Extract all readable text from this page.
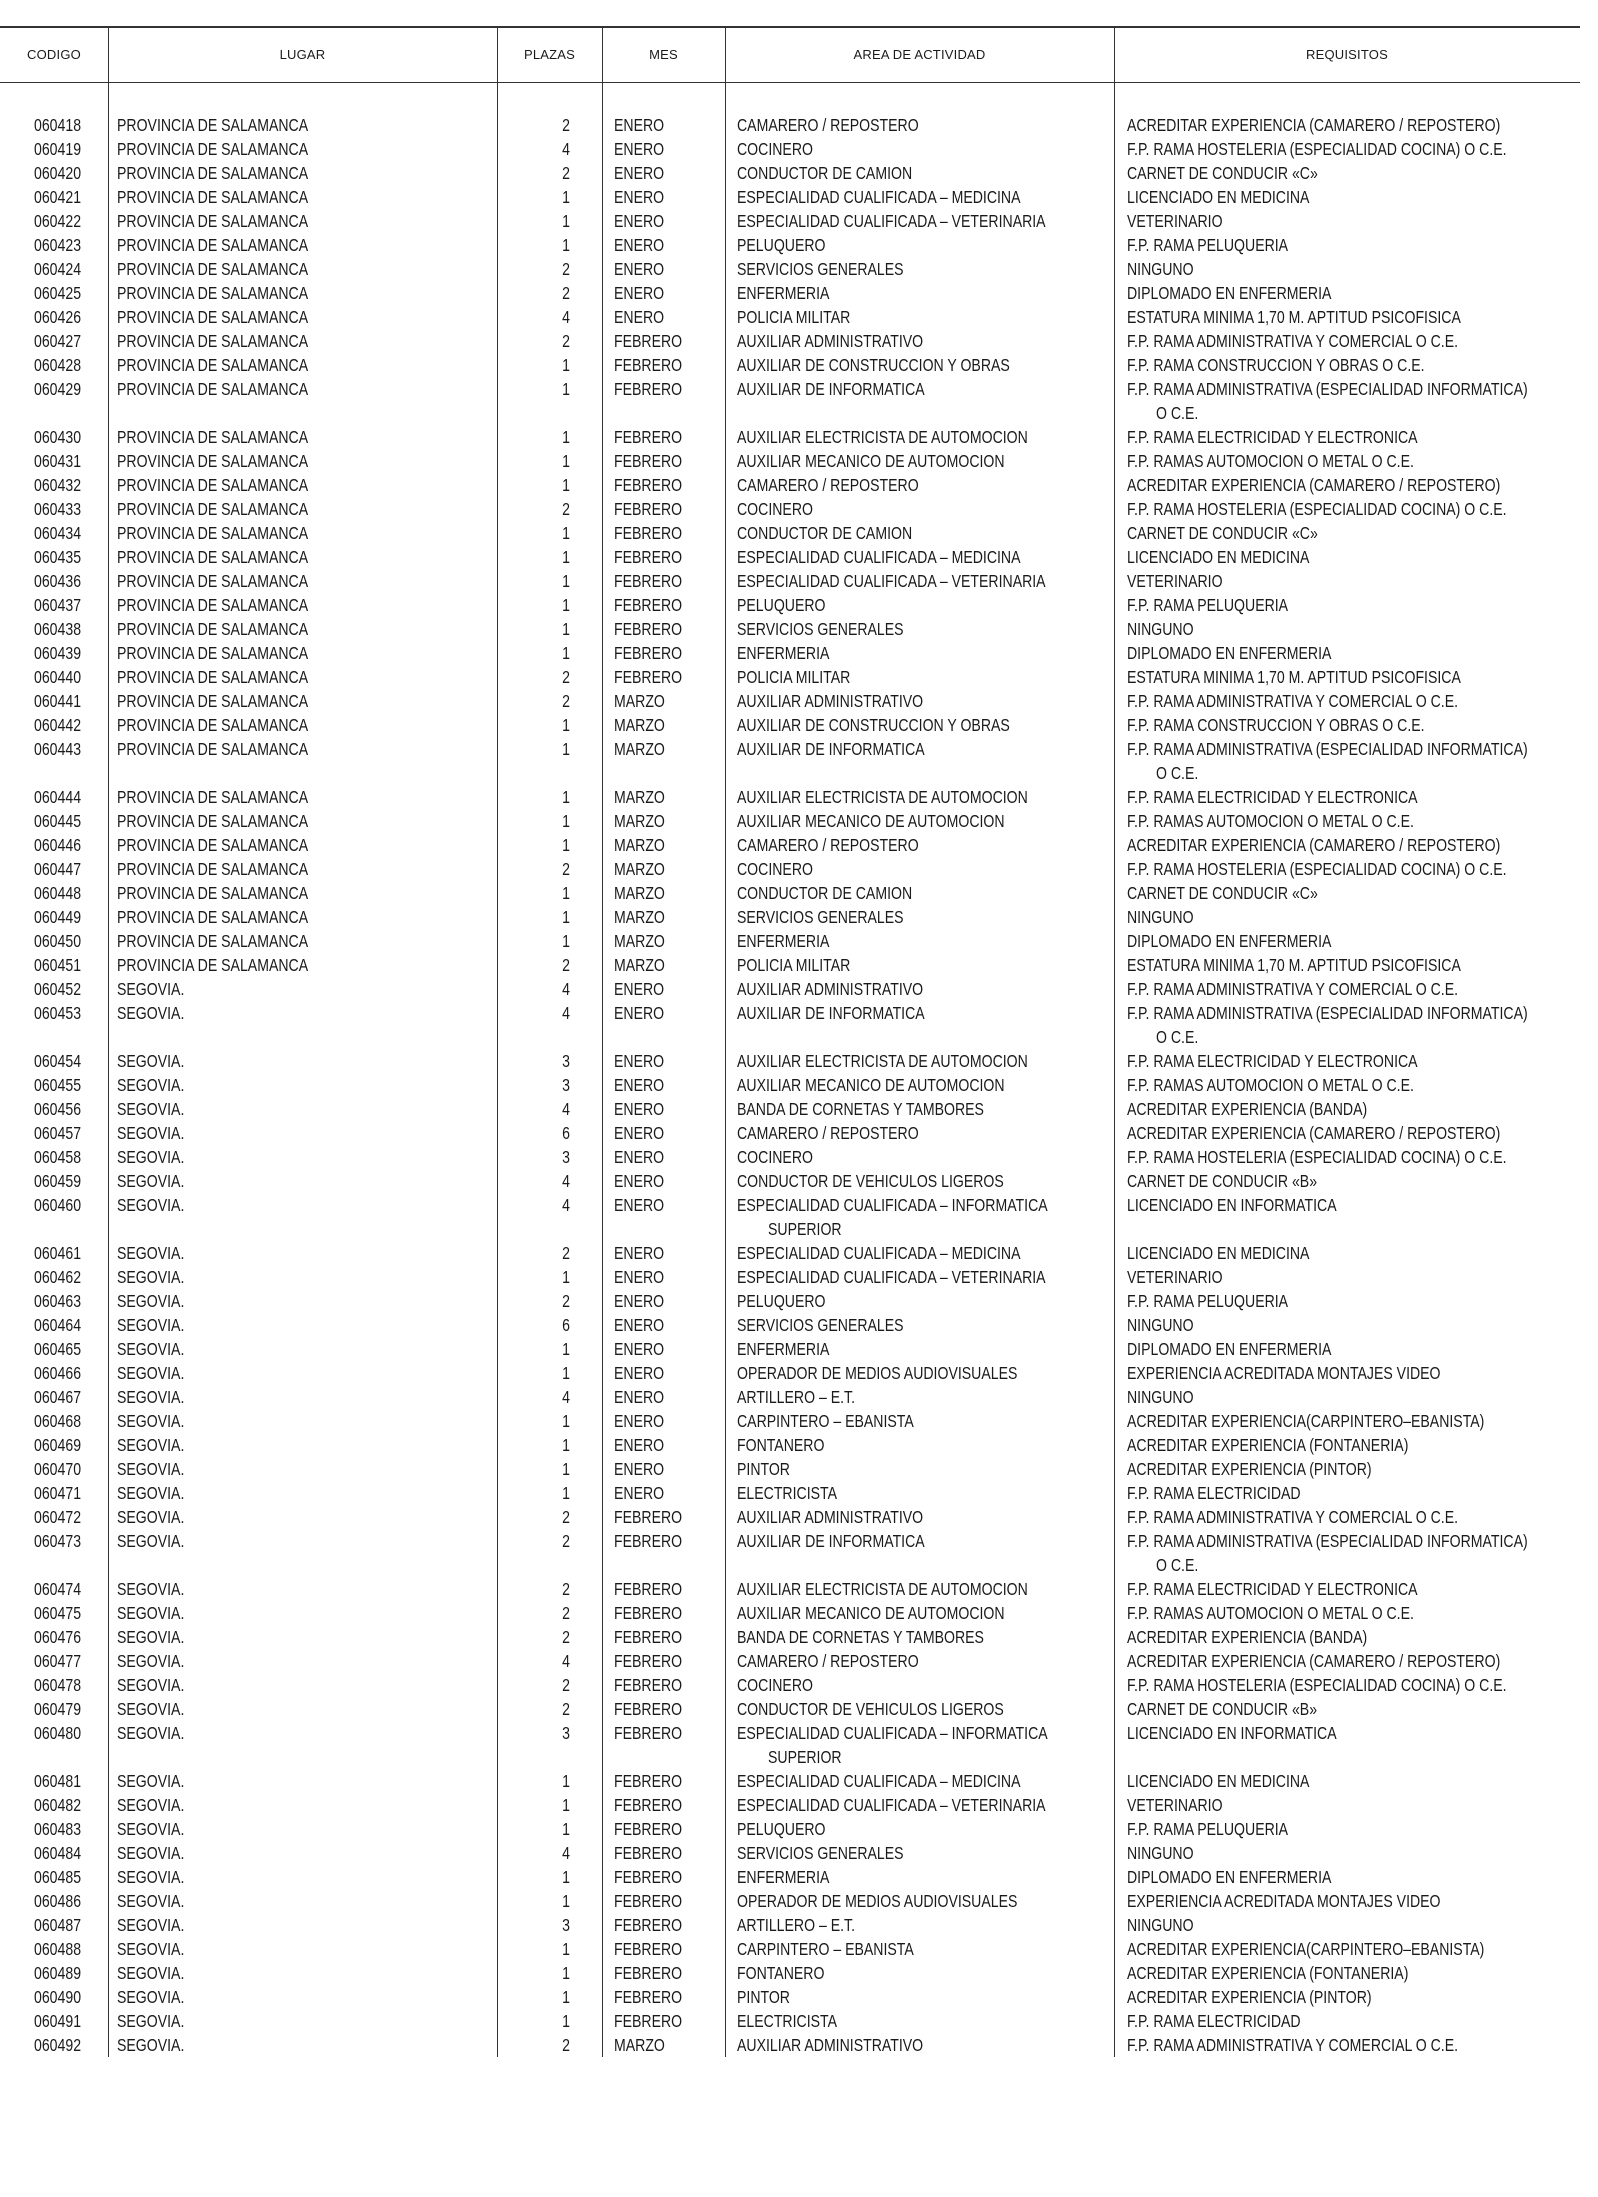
CODIGO	LUGAR	PLAZAS	MES	AREA DE ACTIVIDAD	REQUISITOS
060418 PROVINCIA DE SALAMANCA	2	ENERO	CAMARERO / REPOSTERO	ACREDITAR EXPERIENCIA (CAMARERO / REPOSTERO)
060419 PROVINCIA DE SALAMANCA	4	ENERO	COCINERO	F.P. RAMA HOSTELERIA (ESPECIALIDAD COCINA) O C.E.
060420 PROVINCIA DE SALAMANCA	2	ENERO	CONDUCTOR DE CAMION	CARNET DE CONDUCIR «C»
060421 PROVINCIA DE SALAMANCA	1	ENERO	ESPECIALIDAD CUALIFICADA – MEDICINA	LICENCIADO EN MEDICINA
060422 PROVINCIA DE SALAMANCA	1	ENERO	ESPECIALIDAD CUALIFICADA – VETERINARIA	VETERINARIO
060423 PROVINCIA DE SALAMANCA	1	ENERO	PELUQUERO	F.P. RAMA PELUQUERIA
060424 PROVINCIA DE SALAMANCA	2	ENERO	SERVICIOS GENERALES	NINGUNO
060425 PROVINCIA DE SALAMANCA	2	ENERO	ENFERMERIA	DIPLOMADO EN ENFERMERIA
060426 PROVINCIA DE SALAMANCA	4	ENERO	POLICIA MILITAR	ESTATURA MINIMA 1,70 M. APTITUD PSICOFISICA
060427 PROVINCIA DE SALAMANCA	2	FEBRERO	AUXILIAR ADMINISTRATIVO	F.P. RAMA ADMINISTRATIVA Y COMERCIAL O C.E.
060428 PROVINCIA DE SALAMANCA	1	FEBRERO	AUXILIAR DE CONSTRUCCION Y OBRAS	F.P. RAMA CONSTRUCCION Y OBRAS O C.E.
060429 PROVINCIA DE SALAMANCA	1	FEBRERO	AUXILIAR DE INFORMATICA	F.P. RAMA ADMINISTRATIVA (ESPECIALIDAD INFORMATICA)
O C.E.
060430 PROVINCIA DE SALAMANCA	1	FEBRERO	AUXILIAR ELECTRICISTA DE AUTOMOCION	F.P. RAMA ELECTRICIDAD Y ELECTRONICA
060431 PROVINCIA DE SALAMANCA	1	FEBRERO	AUXILIAR MECANICO DE AUTOMOCION	F.P. RAMAS AUTOMOCION O METAL O C.E.
060432 PROVINCIA DE SALAMANCA	1	FEBRERO	CAMARERO / REPOSTERO	ACREDITAR EXPERIENCIA (CAMARERO / REPOSTERO)
060433 PROVINCIA DE SALAMANCA	2	FEBRERO	COCINERO	F.P. RAMA HOSTELERIA (ESPECIALIDAD COCINA) O C.E.
060434 PROVINCIA DE SALAMANCA	1	FEBRERO	CONDUCTOR DE CAMION	CARNET DE CONDUCIR «C»
060435 PROVINCIA DE SALAMANCA	1	FEBRERO	ESPECIALIDAD CUALIFICADA – MEDICINA	LICENCIADO EN MEDICINA
060436 PROVINCIA DE SALAMANCA	1	FEBRERO	ESPECIALIDAD CUALIFICADA – VETERINARIA	VETERINARIO
060437 PROVINCIA DE SALAMANCA	1	FEBRERO	PELUQUERO	F.P. RAMA PELUQUERIA
060438 PROVINCIA DE SALAMANCA	1	FEBRERO	SERVICIOS GENERALES	NINGUNO
060439 PROVINCIA DE SALAMANCA	1	FEBRERO	ENFERMERIA	DIPLOMADO EN ENFERMERIA
060440 PROVINCIA DE SALAMANCA	2	FEBRERO	POLICIA MILITAR	ESTATURA MINIMA 1,70 M. APTITUD PSICOFISICA
060441 PROVINCIA DE SALAMANCA	2	MARZO	AUXILIAR ADMINISTRATIVO	F.P. RAMA ADMINISTRATIVA Y COMERCIAL O C.E.
060442 PROVINCIA DE SALAMANCA	1	MARZO	AUXILIAR DE CONSTRUCCION Y OBRAS	F.P. RAMA CONSTRUCCION Y OBRAS O C.E.
060443 PROVINCIA DE SALAMANCA	1	MARZO	AUXILIAR DE INFORMATICA	F.P. RAMA ADMINISTRATIVA (ESPECIALIDAD INFORMATICA)
O C.E.
060444 PROVINCIA DE SALAMANCA	1	MARZO	AUXILIAR ELECTRICISTA DE AUTOMOCION	F.P. RAMA ELECTRICIDAD Y ELECTRONICA
060445 PROVINCIA DE SALAMANCA	1	MARZO	AUXILIAR MECANICO DE AUTOMOCION	F.P. RAMAS AUTOMOCION O METAL O C.E.
060446 PROVINCIA DE SALAMANCA	1	MARZO	CAMARERO / REPOSTERO	ACREDITAR EXPERIENCIA (CAMARERO / REPOSTERO)
060447 PROVINCIA DE SALAMANCA	2	MARZO	COCINERO	F.P. RAMA HOSTELERIA (ESPECIALIDAD COCINA) O C.E.
060448 PROVINCIA DE SALAMANCA	1	MARZO	CONDUCTOR DE CAMION	CARNET DE CONDUCIR «C»
060449 PROVINCIA DE SALAMANCA	1	MARZO	SERVICIOS GENERALES	NINGUNO
060450 PROVINCIA DE SALAMANCA	1	MARZO	ENFERMERIA	DIPLOMADO EN ENFERMERIA
060451 PROVINCIA DE SALAMANCA	2	MARZO	POLICIA MILITAR	ESTATURA MINIMA 1,70 M. APTITUD PSICOFISICA
060452 SEGOVIA.	4	ENERO	AUXILIAR ADMINISTRATIVO	F.P. RAMA ADMINISTRATIVA Y COMERCIAL O C.E.
060453 SEGOVIA.	4	ENERO	AUXILIAR DE INFORMATICA	F.P. RAMA ADMINISTRATIVA (ESPECIALIDAD INFORMATICA)
O C.E.
060454 SEGOVIA.	3	ENERO	AUXILIAR ELECTRICISTA DE AUTOMOCION	F.P. RAMA ELECTRICIDAD Y ELECTRONICA
060455 SEGOVIA.	3	ENERO	AUXILIAR MECANICO DE AUTOMOCION	F.P. RAMAS AUTOMOCION O METAL O C.E.
060456 SEGOVIA.	4	ENERO	BANDA DE CORNETAS Y TAMBORES	ACREDITAR EXPERIENCIA (BANDA)
060457 SEGOVIA.	6	ENERO	CAMARERO / REPOSTERO	ACREDITAR EXPERIENCIA (CAMARERO / REPOSTERO)
060458 SEGOVIA.	3	ENERO	COCINERO	F.P. RAMA HOSTELERIA (ESPECIALIDAD COCINA) O C.E.
060459 SEGOVIA.	4	ENERO	CONDUCTOR DE VEHICULOS LIGEROS	CARNET DE CONDUCIR «B»
060460 SEGOVIA.	4	ENERO	ESPECIALIDAD CUALIFICADA – INFORMATICA	LICENCIADO EN INFORMATICA
SUPERIOR
060461 SEGOVIA.	2	ENERO	ESPECIALIDAD CUALIFICADA – MEDICINA	LICENCIADO EN MEDICINA
060462 SEGOVIA.	1	ENERO	ESPECIALIDAD CUALIFICADA – VETERINARIA	VETERINARIO
060463 SEGOVIA.	2	ENERO	PELUQUERO	F.P. RAMA PELUQUERIA
060464 SEGOVIA.	6	ENERO	SERVICIOS GENERALES	NINGUNO
060465 SEGOVIA.	1	ENERO	ENFERMERIA	DIPLOMADO EN ENFERMERIA
060466 SEGOVIA.	1	ENERO	OPERADOR DE MEDIOS AUDIOVISUALES	EXPERIENCIA ACREDITADA MONTAJES VIDEO
060467 SEGOVIA.	4	ENERO	ARTILLERO – E.T.	NINGUNO
060468 SEGOVIA.	1	ENERO	CARPINTERO – EBANISTA	ACREDITAR EXPERIENCIA(CARPINTERO–EBANISTA)
060469 SEGOVIA.	1	ENERO	FONTANERO	ACREDITAR EXPERIENCIA (FONTANERIA)
060470 SEGOVIA.	1	ENERO	PINTOR	ACREDITAR EXPERIENCIA (PINTOR)
060471 SEGOVIA.	1	ENERO	ELECTRICISTA	F.P. RAMA ELECTRICIDAD
060472 SEGOVIA.	2	FEBRERO	AUXILIAR ADMINISTRATIVO	F.P. RAMA ADMINISTRATIVA Y COMERCIAL O C.E.
060473 SEGOVIA.	2	FEBRERO	AUXILIAR DE INFORMATICA	F.P. RAMA ADMINISTRATIVA (ESPECIALIDAD INFORMATICA)
O C.E.
060474 SEGOVIA.	2	FEBRERO	AUXILIAR ELECTRICISTA DE AUTOMOCION	F.P. RAMA ELECTRICIDAD Y ELECTRONICA
060475 SEGOVIA.	2	FEBRERO	AUXILIAR MECANICO DE AUTOMOCION	F.P. RAMAS AUTOMOCION O METAL O C.E.
060476 SEGOVIA.	2	FEBRERO	BANDA DE CORNETAS Y TAMBORES	ACREDITAR EXPERIENCIA (BANDA)
060477 SEGOVIA.	4	FEBRERO	CAMARERO / REPOSTERO	ACREDITAR EXPERIENCIA (CAMARERO / REPOSTERO)
060478 SEGOVIA.	2	FEBRERO	COCINERO	F.P. RAMA HOSTELERIA (ESPECIALIDAD COCINA) O C.E.
060479 SEGOVIA.	2	FEBRERO	CONDUCTOR DE VEHICULOS LIGEROS	CARNET DE CONDUCIR «B»
060480 SEGOVIA.	3	FEBRERO	ESPECIALIDAD CUALIFICADA – INFORMATICA	LICENCIADO EN INFORMATICA
SUPERIOR
060481 SEGOVIA.	1	FEBRERO	ESPECIALIDAD CUALIFICADA – MEDICINA	LICENCIADO EN MEDICINA
060482 SEGOVIA.	1	FEBRERO	ESPECIALIDAD CUALIFICADA – VETERINARIA	VETERINARIO
060483 SEGOVIA.	1	FEBRERO	PELUQUERO	F.P. RAMA PELUQUERIA
060484 SEGOVIA.	4	FEBRERO	SERVICIOS GENERALES	NINGUNO
060485 SEGOVIA.	1	FEBRERO	ENFERMERIA	DIPLOMADO EN ENFERMERIA
060486 SEGOVIA.	1	FEBRERO	OPERADOR DE MEDIOS AUDIOVISUALES	EXPERIENCIA ACREDITADA MONTAJES VIDEO
060487 SEGOVIA.	3	FEBRERO	ARTILLERO – E.T.	NINGUNO
060488 SEGOVIA.	1	FEBRERO	CARPINTERO – EBANISTA	ACREDITAR EXPERIENCIA(CARPINTERO–EBANISTA)
060489 SEGOVIA.	1	FEBRERO	FONTANERO	ACREDITAR EXPERIENCIA (FONTANERIA)
060490 SEGOVIA.	1	FEBRERO	PINTOR	ACREDITAR EXPERIENCIA (PINTOR)
060491 SEGOVIA.	1	FEBRERO	ELECTRICISTA	F.P. RAMA ELECTRICIDAD
060492 SEGOVIA.	2	MARZO	AUXILIAR ADMINISTRATIVO	F.P. RAMA ADMINISTRATIVA Y COMERCIAL O C.E.
